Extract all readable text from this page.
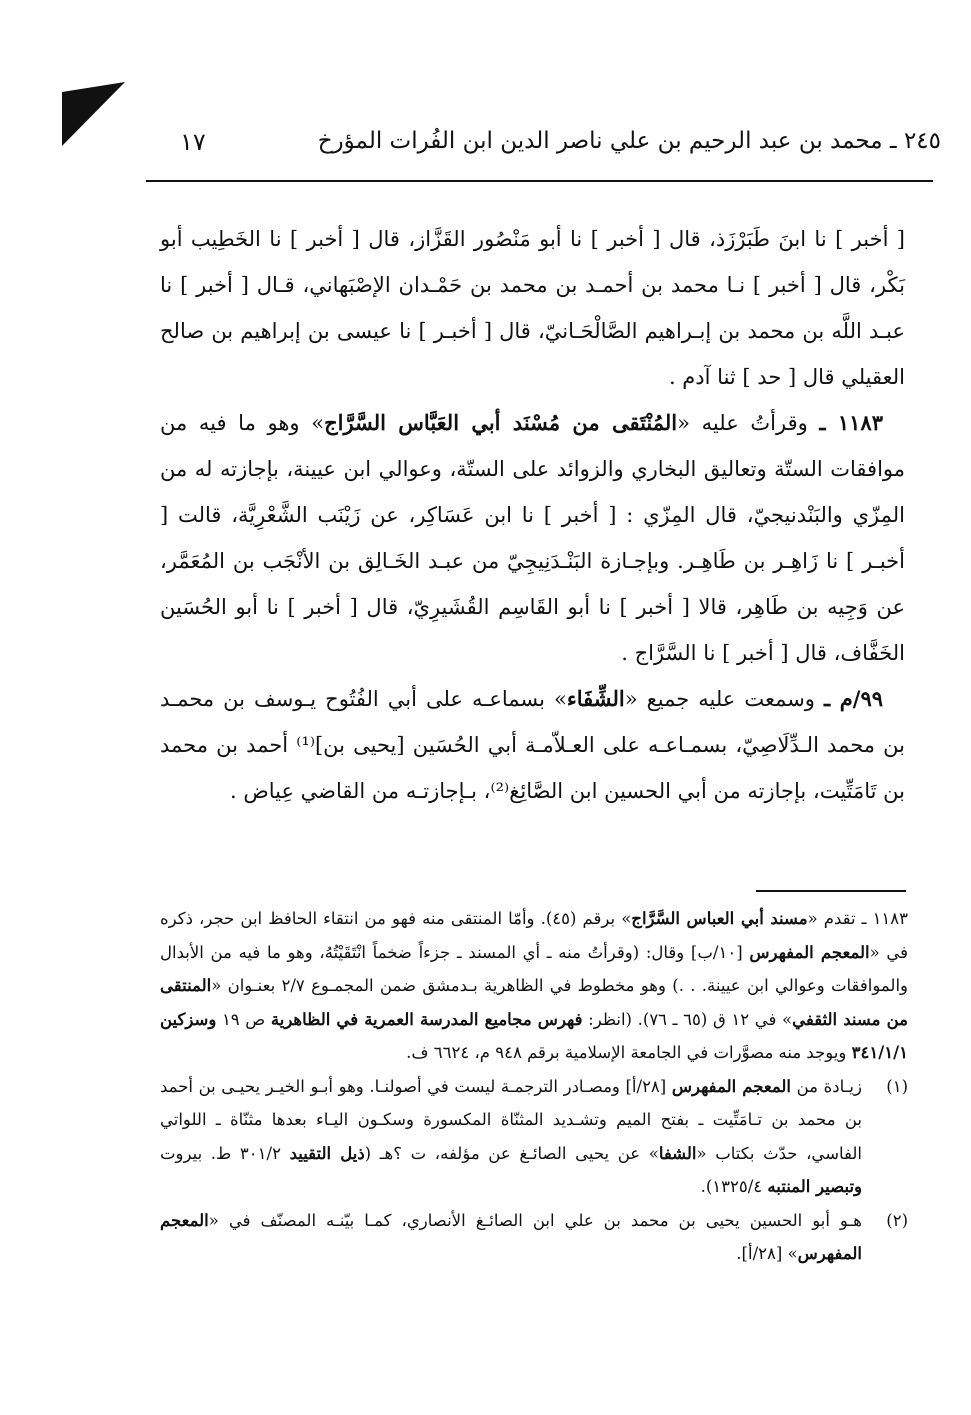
١٧	٢٤٥ ـ محمد بن عبد الرحيم بن علي ناصر الدين ابن الفُرات المؤرخ

[ أخبر ] نا ابنَ طَبَرْزَذ، قال [ أخبر ] نا أبو مَنْصُور القَزَّاز، قال [ أخبر ] نا الخَطِيب أبو بَكْر، قال [ أخبر ] نـا محمد بن أحمـد بن محمد بن حَمْـدان الإصْبَهاني، قـال [ أخبر ] نا عبـد اللَّه بن محمد بن إبـراهيم الصَّالْحَـانيّ، قال [ أخبـر ] نا عيسى بن إبراهيم بن صالح العقيلي قال [ حد ] ثنا آدم .

١١٨٣ ـ وقرأتُ عليه «المُنْتَقى من مُسْنَد أبي العَبَّاس السَّرَّاج» وهو ما فيه من موافقات الستّة وتعاليق البخاري والزوائد على الستّة، وعوالي ابن عيينة، بإجازته له من المِزّي والبَنْدنيجيّ، قال المِزّي : [ أخبر ] نا ابن عَسَاكِر، عن زَيْنَب الشَّعْرِيَّة، قالت [ أخبـر ] نا زَاهِـر بن طَاهِـر. وبإجـازة البَنْـدَنِيجِيّ من عبـد الخَـالِق بن الأنْجَب بن المُعَمَّر، عن وَجِيه بن طَاهِر، قالا [ أخبر ] نا أبو القَاسِم القُشَيرِيّ، قال [ أخبر ] نا أبو الحُسَين الخَفَّاف، قال [ أخبر ] نا السَّرَّاج .

٩٩/م ـ وسمعت عليه جميع «الشِّفَاء» بسماعـه على أبي الفُتُوح يـوسف بن محمـد بن محمد الـدِّلَاصِيّ، بسمـاعـه على العـلاّمـة أبي الحُسَين [يحيى بن]⁽¹⁾ أحمد بن محمد بن تَامَتِّيت، بإجازته من أبي الحسين ابن الصَّائِغ⁽²⁾، بـإجازتـه من القاضي عِياض .

١١٨٣ ـ تقدم «مسند أبي العباس السَّرَّاج» برقم (٤٥). وأمّا المنتقى منه فهو من انتقاء الحافظ ابن حجر، ذكره في «المعجم المفهرس [١٠/ب] وقال: (وقرأتُ منه ـ أي المسند ـ جزءاً ضخماً انْتَقَيْتُهُ، وهو ما فيه من الأبدال والموافقات وعوالي ابن عيينة. . .) وهو مخطوط في الظاهرية بـدمشق ضمن المجمـوع ٢/٧ بعنـوان «المنتقى من مسند الثقفي» في ١٢ ق (٦٥ ـ ٧٦). (انظر: فهرس مجاميع المدرسة العمرية في الظاهرية ص ١٩ وسزكين ٣٤١/١/١ ويوجد منه مصوَّرات في الجامعة الإسلامية برقم ٩٤٨ م، ٦٦٢٤ ف.

(١)
زيـادة من المعجم المفهرس [٢٨/أ] ومصـادر الترجمـة ليست في أصولنـا. وهو أبـو الخيـر يحيـى بن أحمد بن محمد بن تـامَتِّيت ـ بفتح الميم وتشـديد المثنّاة المكسورة وسكـون اليـاء بعدها مثنّاة ـ اللواتي الفاسي، حدّث بكتاب «الشفا» عن يحيى الصائـغ عن مؤلفه، ت ؟هـ (ذيل التقييد ٣٠١/٢ ط. بيروت وتبصير المنتبه ١٣٢٥/٤).
(٢)
هـو أبو الحسين يحيى بن محمد بن علي ابن الصائـغ الأنصاري، كمـا بيّنـه المصنّف في «المعجم المفهرس» [٢٨/أ].
